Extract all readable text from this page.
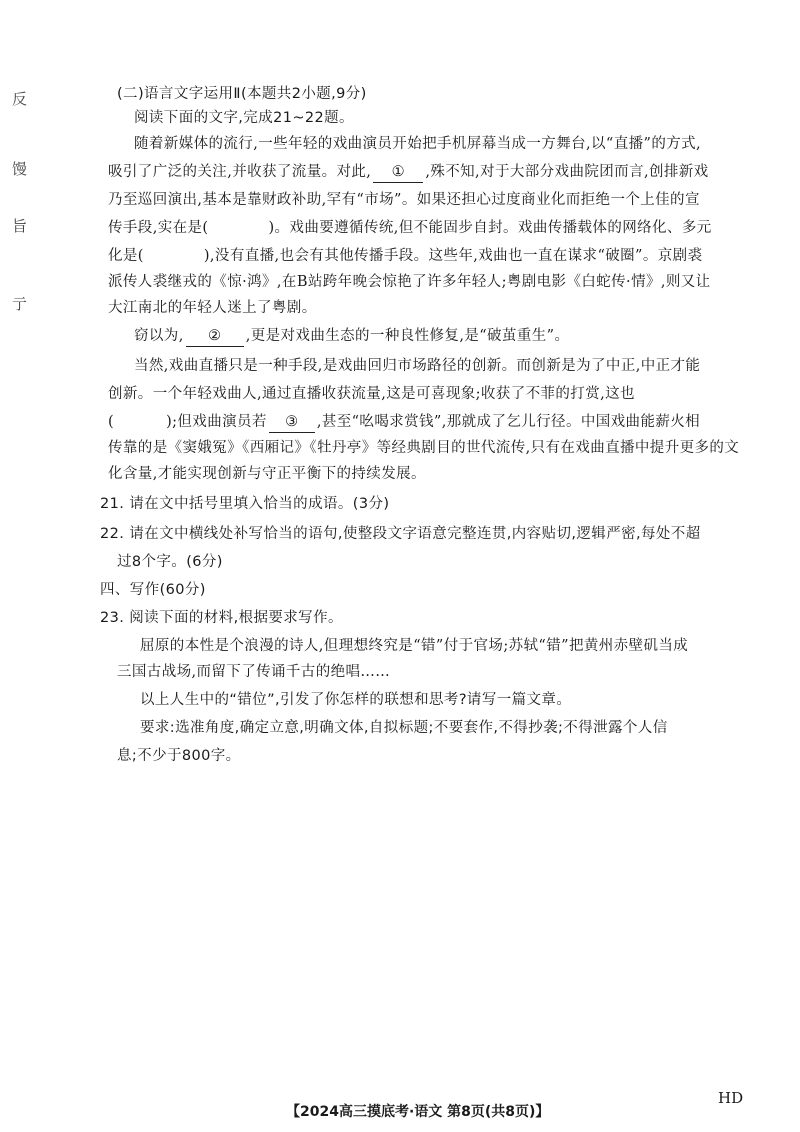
反
馒
旨
亍
(二)语言文字运用Ⅱ(本题共2小题,9分)
阅读下面的文字,完成21~22题。
随着新媒体的流行,一些年轻的戏曲演员开始把手机屏幕当成一方舞台,以“直播”的方式,
吸引了广泛的关注,并收获了流量。对此, ① ,殊不知,对于大部分戏曲院团而言,创排新戏
乃至巡回演出,基本是靠财政补助,罕有“市场”。如果还担心过度商业化而拒绝一个上佳的宣
传手段,实在是(	)。戏曲要遵循传统,但不能固步自封。戏曲传播载体的网络化、多元
化是(	),没有直播,也会有其他传播手段。这些年,戏曲也一直在谋求“破圈”。京剧裘
派传人裘继戎的《惊·鸿》,在B站跨年晚会惊艳了许多年轻人;粤剧电影《白蛇传·情》,则又让
大江南北的年轻人迷上了粤剧。
窃以为, ② ,更是对戏曲生态的一种良性修复,是“破茧重生”。
当然,戏曲直播只是一种手段,是戏曲回归市场路径的创新。而创新是为了中正,中正才能
创新。一个年轻戏曲人,通过直播收获流量,这是可喜现象;收获了不菲的打赏,这也
(	);但戏曲演员若 ③ ,甚至“吆喝求赏钱”,那就成了乞儿行径。中国戏曲能薪火相
传靠的是《窦娥冤》《西厢记》《牡丹亭》等经典剧目的世代流传,只有在戏曲直播中提升更多的文
化含量,才能实现创新与守正平衡下的持续发展。
21. 请在文中括号里填入恰当的成语。(3分)
22. 请在文中横线处补写恰当的语句,使整段文字语意完整连贯,内容贴切,逻辑严密,每处不超
过8个字。(6分)
四、写作(60分)
23. 阅读下面的材料,根据要求写作。
屈原的本性是个浪漫的诗人,但理想终究是“错”付于官场;苏轼“错”把黄州赤壁矶当成
三国古战场,而留下了传诵千古的绝唱……
以上人生中的“错位”,引发了你怎样的联想和思考?请写一篇文章。
要求:选准角度,确定立意,明确文体,自拟标题;不要套作,不得抄袭;不得泄露个人信
息;不少于800字。
【2024高三摸底考·语文 第8页(共8页)】
HD
